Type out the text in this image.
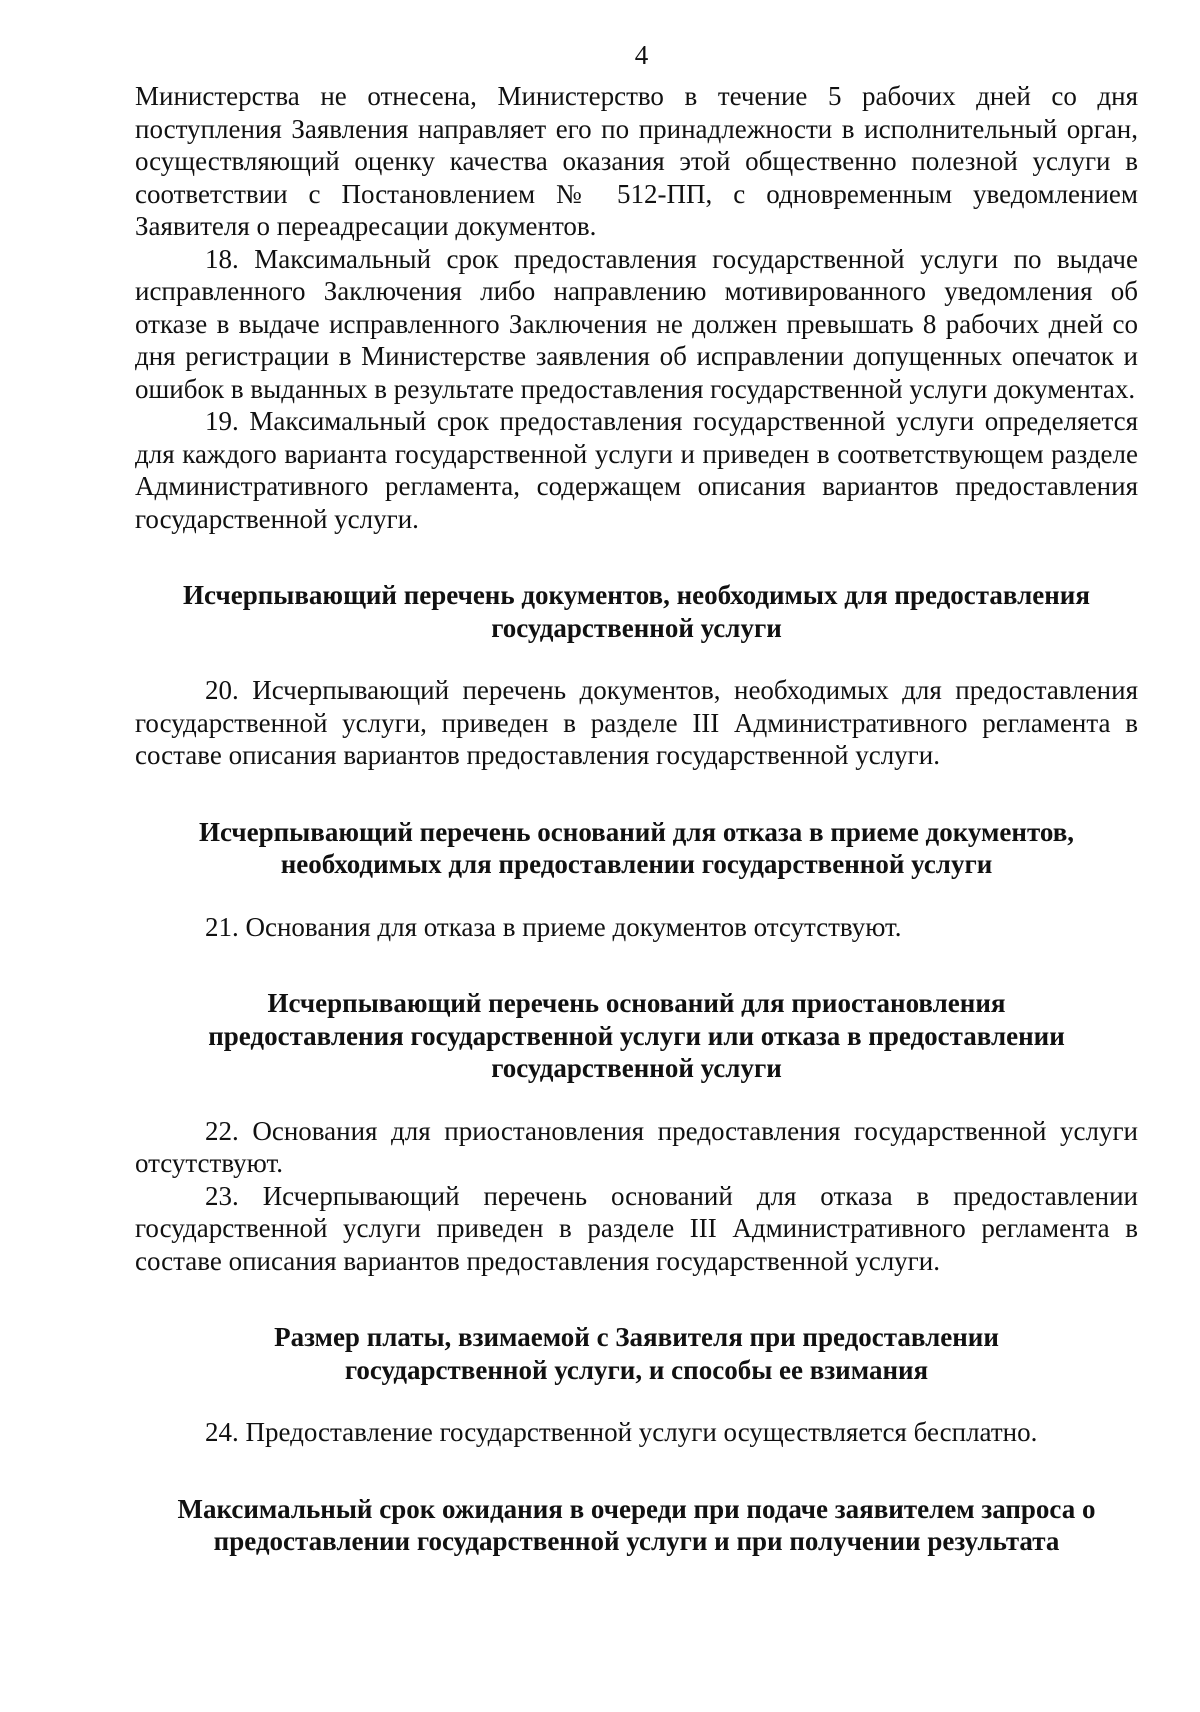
4

Министерства не отнесена, Министерство в течение 5 рабочих дней со дня поступления Заявления направляет его по принадлежности в исполнительный орган, осуществляющий оценку качества оказания этой общественно полезной услуги в соответствии с Постановлением № 512-ПП, с одновременным уведомлением Заявителя о переадресации документов.

18. Максимальный срок предоставления государственной услуги по выдаче исправленного Заключения либо направлению мотивированного уведомления об отказе в выдаче исправленного Заключения не должен превышать 8 рабочих дней со дня регистрации в Министерстве заявления об исправлении допущенных опечаток и ошибок в выданных в результате предоставления государственной услуги документах.

19. Максимальный срок предоставления государственной услуги определяется для каждого варианта государственной услуги и приведен в соответствующем разделе Административного регламента, содержащем описания вариантов предоставления государственной услуги.

Исчерпывающий перечень документов, необходимых для предоставления
государственной услуги

20. Исчерпывающий перечень документов, необходимых для предоставления государственной услуги, приведен в разделе III Административного регламента в составе описания вариантов предоставления государственной услуги.

Исчерпывающий перечень оснований для отказа в приеме документов,
необходимых для предоставлении государственной услуги

21. Основания для отказа в приеме документов отсутствуют.

Исчерпывающий перечень оснований для приостановления
предоставления государственной услуги или отказа в предоставлении
государственной услуги

22. Основания для приостановления предоставления государственной услуги отсутствуют.

23. Исчерпывающий перечень оснований для отказа в предоставлении государственной услуги приведен в разделе III Административного регламента в составе описания вариантов предоставления государственной услуги.

Размер платы, взимаемой с Заявителя при предоставлении
государственной услуги, и способы ее взимания

24. Предоставление государственной услуги осуществляется бесплатно.

Максимальный срок ожидания в очереди при подаче заявителем запроса о
предоставлении государственной услуги и при получении результата
